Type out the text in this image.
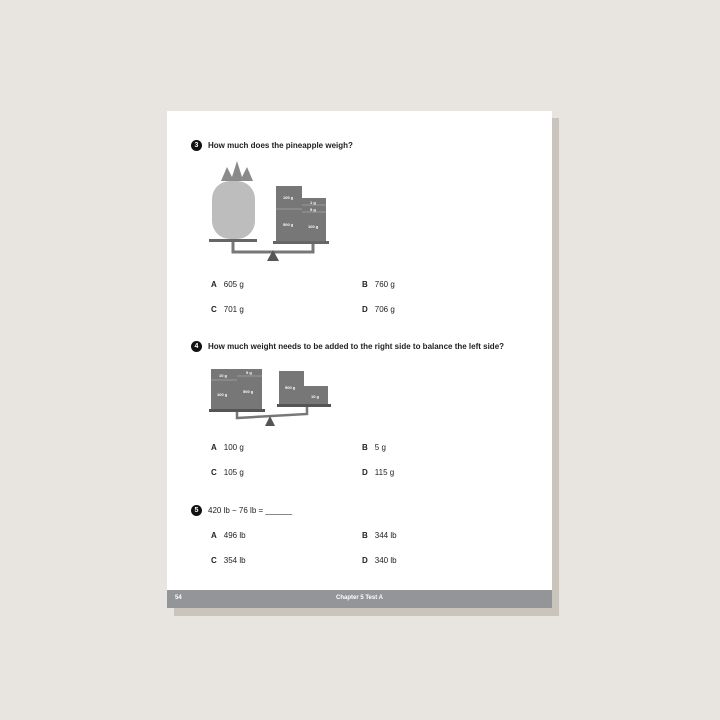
3	How much does the pineapple weigh?
100 g
500 g
1 g
5 g
100 g
A 605 g	B 760 g
C 701 g	D 706 g
4	How much weight needs to be added to the right side to balance the left side?
10 g
100 g
5 g
500 g
500 g
10 g
A 100 g	B 5 g
C 105 g	D 115 g
5	420 lb − 76 lb = ______
A 496 lb	B 344 lb
C 354 lb	D 340 lb
54	Chapter 5 Test A
